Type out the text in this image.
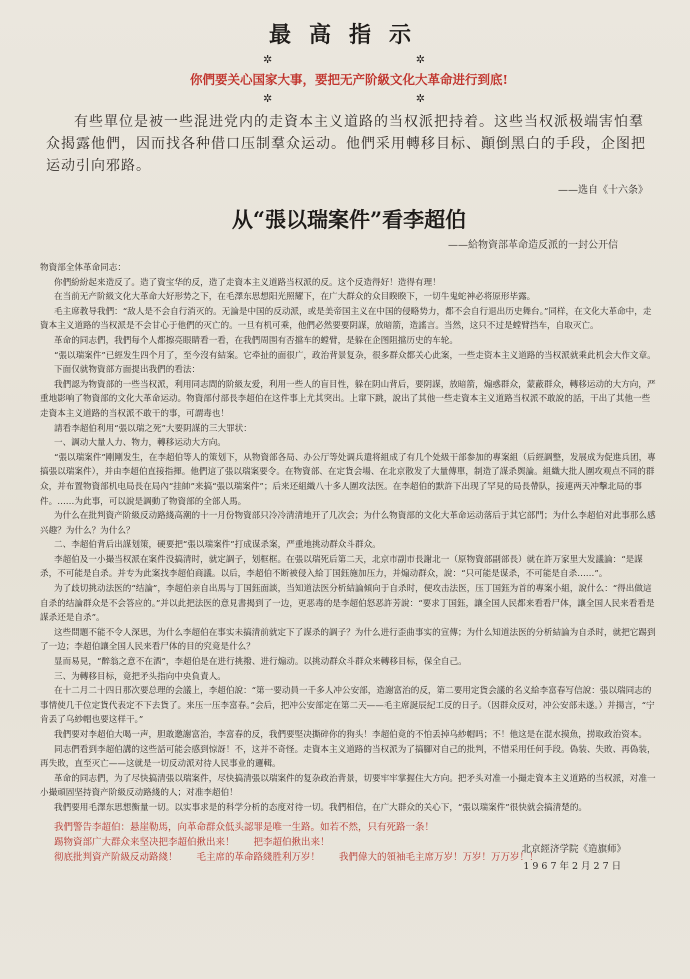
最高指示
✲ ✲
你們要关心国家大事，要把无产阶級文化大革命进行到底!
✲ ✲
有些單位是被一些混进党内的走資本主义道路的当权派把持着。这些当权派极端害怕羣众揭露他們，因而找各种借口压制羣众运动。他們采用轉移目标、顚倒黑白的手段，企图把运动引向邪路。
——选自《十六条》
从“張以瑞案件”看李超伯
——給物資部革命造反派的一封公开信

物資部全体革命同志：

你們紛紛起来造反了。造了資宝华的反，造了走資本主义道路当权派的反。这个反造得好！造得有理！

在当前无产阶級文化大革命大好形势之下，在毛澤东思想阳光照耀下，在广大群众的众目睽睽下，一切牛鬼蛇神必将原形毕露。

毛主席教导我們：“敌人是不会自行消灭的。无論是中国的反动派，或是美帝国主义在中国的侵略势力，都不会自行退出历史舞台。”同样，在文化大革命中，走資本主义道路的当权派是不会甘心于他們的灭亡的。一旦有机可乘，他們必然要要阴謀，放暗箭，造謠言。当然，这只不过是螳臂挡车，自取灭亡。

革命的同志們，我們每个人都擦亮眼睛看一看，在我們周围有否擋车的螳臂，是躲在企图阻擋历史的车轮。

“張以瑞案件”已經发生四个月了，至今沒有結案。它牵扯的面很广，政治背景复杂，很多群众都关心此案，一些走资本主义道路的当权派就乘此机会大作文章。

下面仅就物資部方面提出我們的看法：

我們認为物資部的一些当权派，利用同志間的阶級友爱，利用一些人的盲目性，躲在阴山背后，要阴謀，放暗箭，煽惑群众，蒙蔽群众，轉移运动的大方向，严重地影响了物資部的文化大革命运动。物資部付部長李超伯在这件事上尤其突出。上窜下跳，說出了其他一些走資本主义道路当权派不敢說的話，干出了其他一些走資本主义道路的当权派不敢干的事，可謂毒也！

請看李超伯利用“張以瑞之死”大要阴謀的三大罪状：

一、調动大量人力、物力，轉移运动大方向。

“張以瑞案件”剛剛发生，在李超伯等人的策划下，从物資部各局、办公厅等处调兵遣将組成了有几个处級干部参加的專案組（后經調整，发展成为促進兵团，專搞張以瑞案件），并由李超伯直接指揮。他們這了張以瑞案要令。在物資部、在定貨会場、在北京散发了大量傳單，制造了謀杀舆論。組織大批人圍攻观点不同的群众，并布置物資部机电局長在局內“挂帥”来搞“張以瑞案件”；后来还組織八十多人圍攻法医。在李超伯的默許下出现了罕見的局長帶队，接連两天冲擊北局的事件。……为此事，可以說是調動了物資部的全部人馬。

为什么在批判資产阶級反动路綫高潮的十一月份物資部只冷冷清清地开了几次会；为什么物資部的文化大革命运动落后于其它部門；为什么李超伯对此事那么感兴趣？为什么？为什么？

二、李超伯背后出謀划策，硬要把“張以瑞案件”打成谋杀案，严重地挑动群众斗群众。

李超伯及一小撮当权派在案件没搞清时，就定調子，划框框。在張以瑞死后第二天，北京市副市長謝北一（原物資部副部長）就在許万家里大发議論：“是謀杀，不可能是自杀。并专为此案找李超伯商議。以后，李超伯不断被侵入給丁国鈺施加压力，并煽动群众，說：“只可能是谋杀，不可能是自杀……”。

为了歧切挑动法医的“结論”，李超伯亲自出馬与丁国鈺面談，当知道法医分析結論傾向于自杀时，便攻击法医，压丁国鈺为首的專案小組，說什么：“得出做這自杀的结論群众是不会答应的。”并以此把法医的意見書揭到了一边，更恶毒的是李超伯怒恶許芳說：“要求丁国鈺，讓全国人民都来看看尸体，讓全国人民来看看是謀杀还是自杀”。

这些問題不能不令人深思，为什么李超伯在事实未搞清前就定下了謀杀的調子？为什么进行歪曲事实的宣傳；为什么知道法医的分析結論为自杀时，就把它踢到了一边；李超伯讓全国人民来看尸体的目的究竟是什么？

显而易見，“醉翁之意不在酒”，李超伯是在进行挑撥、进行煽动。以挑动群众斗群众来轉移目标，保全自己。

三、为轉移目标，竟把矛头指向中央負責人。

在十二月二十四日那次要总理的会議上，李超伯說：“第一要动員一千多人冲公安部，造謝富治的反，第二要用定貨会議的名义給李富春写信說：張以瑞同志的事情使几千位定貨代表定不下去貨了。来压一压李富春。”会后，把冲公安部定在第二天——毛主席誕辰紀工反的日子。（因群众反对，冲公安部未遂。）并揚言，“宁肯丢了乌紗帽也要这样干。”

我們要对李超伯大喝一声，胆敢邀謝富治，李富春的反，我們要堅决撕碎你的狗头！李超伯竟的不怕丢掉乌紗帽吗；不！他这是在混水摸魚，捞取政治资本。

同志們看到李超伯講的这些話可能会感到惊訝！不，这并不奇怪。走資本主义道路的当权派为了搞腳对自己的批判，不惜采用任何手段。偽装、失敗、再偽装，再失敗，直至灭亡——这就是一切反动派对待人民事业的邏輯。

革命的同志們，为了尽快搞清張以瑞案件，尽快搞清張以瑞案件的复杂政治背景，切要牢牢掌握住大方向。把矛头对准一小撮走資本主义道路的当权派，对准一小撮頑固坚持資产阶級反动路綫的人；对准李超伯！

我們要用毛澤东思想衡量一切。以实事求是的科学分析的态度对待一切。我們相信，在广大群众的关心下，“張以瑞案件”很快就会搞清楚的。

我們警告李超伯：悬崖勒馬，向革命群众低头認罪是唯一生路。如若不然，只有死路一条！

踢物資部广大群众来坚决把李超伯揪出来！　　把李超伯揪出来！

彻底批判資产阶級反动路綫！　　毛主席的革命路綫胜利万岁！　　我們偉大的領袖毛主席万岁！万岁！万万岁！！

北京經济学院《造旗师》
1967年2月27日
